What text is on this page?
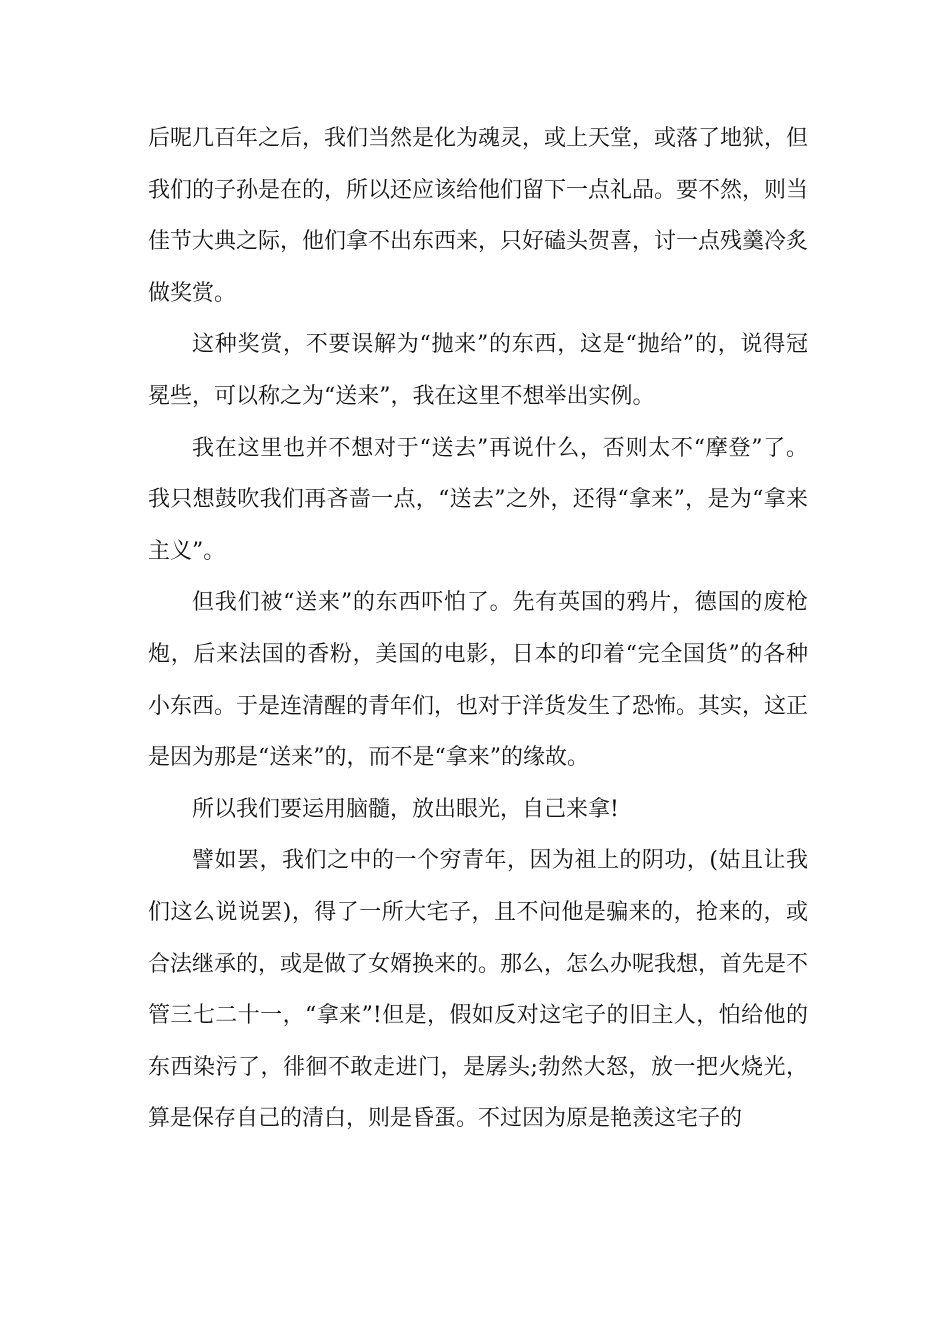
后呢几百年之后，我们当然是化为魂灵，或上天堂，或落了地狱，但我们的子孙是在的，所以还应该给他们留下一点礼品。要不然，则当佳节大典之际，他们拿不出东西来，只好磕头贺喜，讨一点残羹冷炙做奖赏。

这种奖赏，不要误解为“抛来”的东西，这是“抛给”的，说得冠冕些，可以称之为“送来”，我在这里不想举出实例。

我在这里也并不想对于“送去”再说什么，否则太不“摩登”了。我只想鼓吹我们再吝啬一点，“送去”之外，还得“拿来”，是为“拿来主义”。

但我们被“送来”的东西吓怕了。先有英国的鸦片，德国的废枪炮，后来法国的香粉，美国的电影，日本的印着“完全国货”的各种小东西。于是连清醒的青年们，也对于洋货发生了恐怖。其实，这正是因为那是“送来”的，而不是“拿来”的缘故。

所以我们要运用脑髓，放出眼光，自己来拿!

譬如罢，我们之中的一个穷青年，因为祖上的阴功，(姑且让我们这么说说罢)，得了一所大宅子，且不问他是骗来的，抢来的，或合法继承的，或是做了女婿换来的。那么，怎么办呢我想，首先是不管三七二十一，“拿来”!但是，假如反对这宅子的旧主人，怕给他的东西染污了，徘徊不敢走进门，是孱头;勃然大怒，放一把火烧光，算是保存自己的清白，则是昏蛋。不过因为原是艳羡这宅子的
